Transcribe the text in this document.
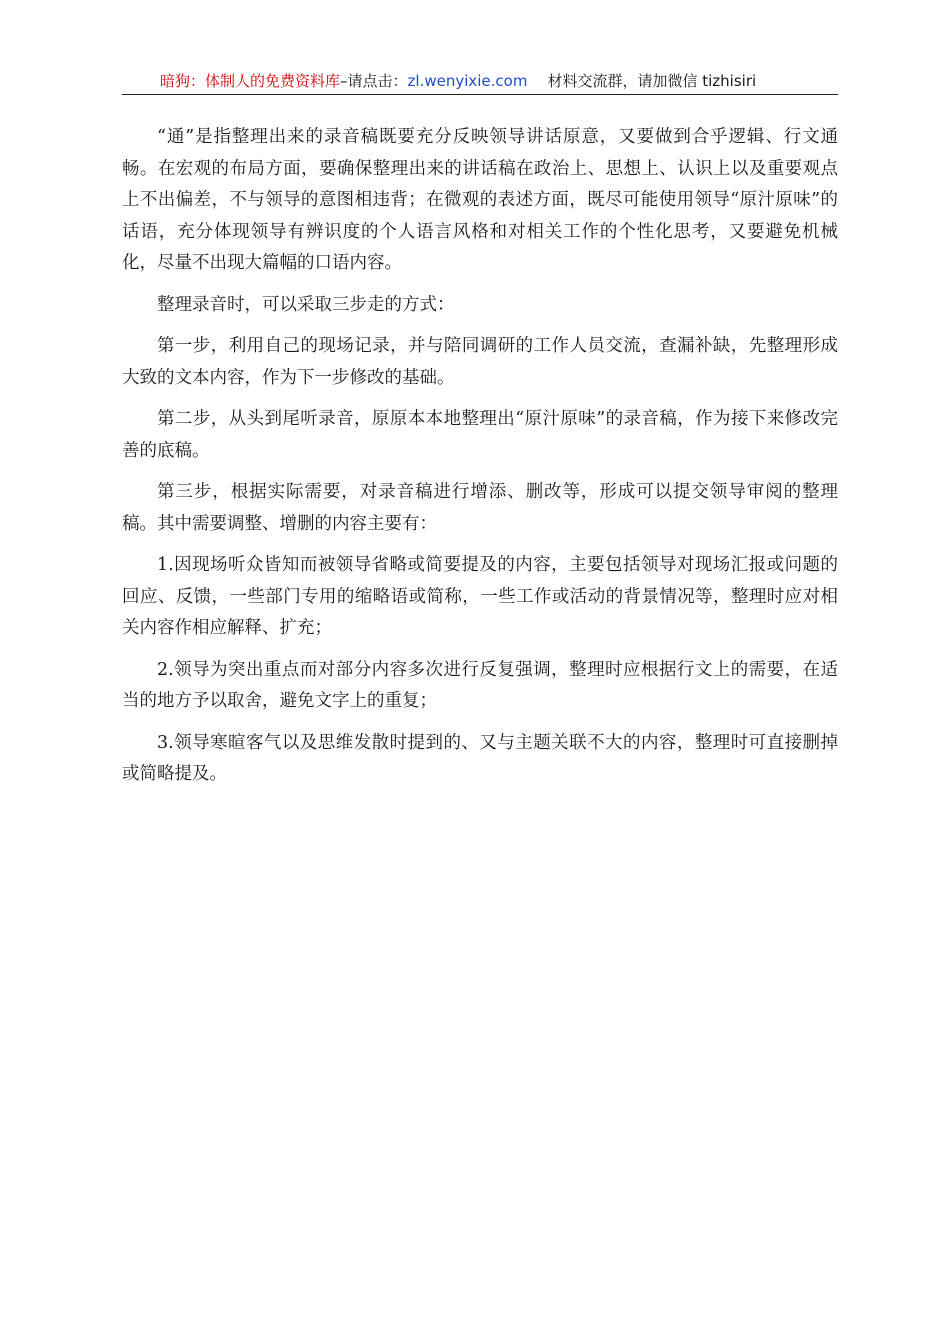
暗狗：体制人的免费资料库–请点击：zl.wenyixie.com 材料交流群，请加微信 tizhisiri

“通”是指整理出来的录音稿既要充分反映领导讲话原意，又要做到合乎逻辑、行文通畅。在宏观的布局方面，要确保整理出来的讲话稿在政治上、思想上、认识上以及重要观点上不出偏差，不与领导的意图相违背；在微观的表述方面，既尽可能使用领导“原汁原味”的话语，充分体现领导有辨识度的个人语言风格和对相关工作的个性化思考，又要避免机械化，尽量不出现大篇幅的口语内容。

整理录音时，可以采取三步走的方式：

第一步，利用自己的现场记录，并与陪同调研的工作人员交流，查漏补缺，先整理形成大致的文本内容，作为下一步修改的基础。

第二步，从头到尾听录音，原原本本地整理出“原汁原味”的录音稿，作为接下来修改完善的底稿。

第三步，根据实际需要，对录音稿进行增添、删改等，形成可以提交领导审阅的整理稿。其中需要调整、增删的内容主要有：

1.因现场听众皆知而被领导省略或简要提及的内容，主要包括领导对现场汇报或问题的回应、反馈，一些部门专用的缩略语或简称，一些工作或活动的背景情况等，整理时应对相关内容作相应解释、扩充；

2.领导为突出重点而对部分内容多次进行反复强调，整理时应根据行文上的需要，在适当的地方予以取舍，避免文字上的重复；

3.领导寒暄客气以及思维发散时提到的、又与主题关联不大的内容，整理时可直接删掉或简略提及。
